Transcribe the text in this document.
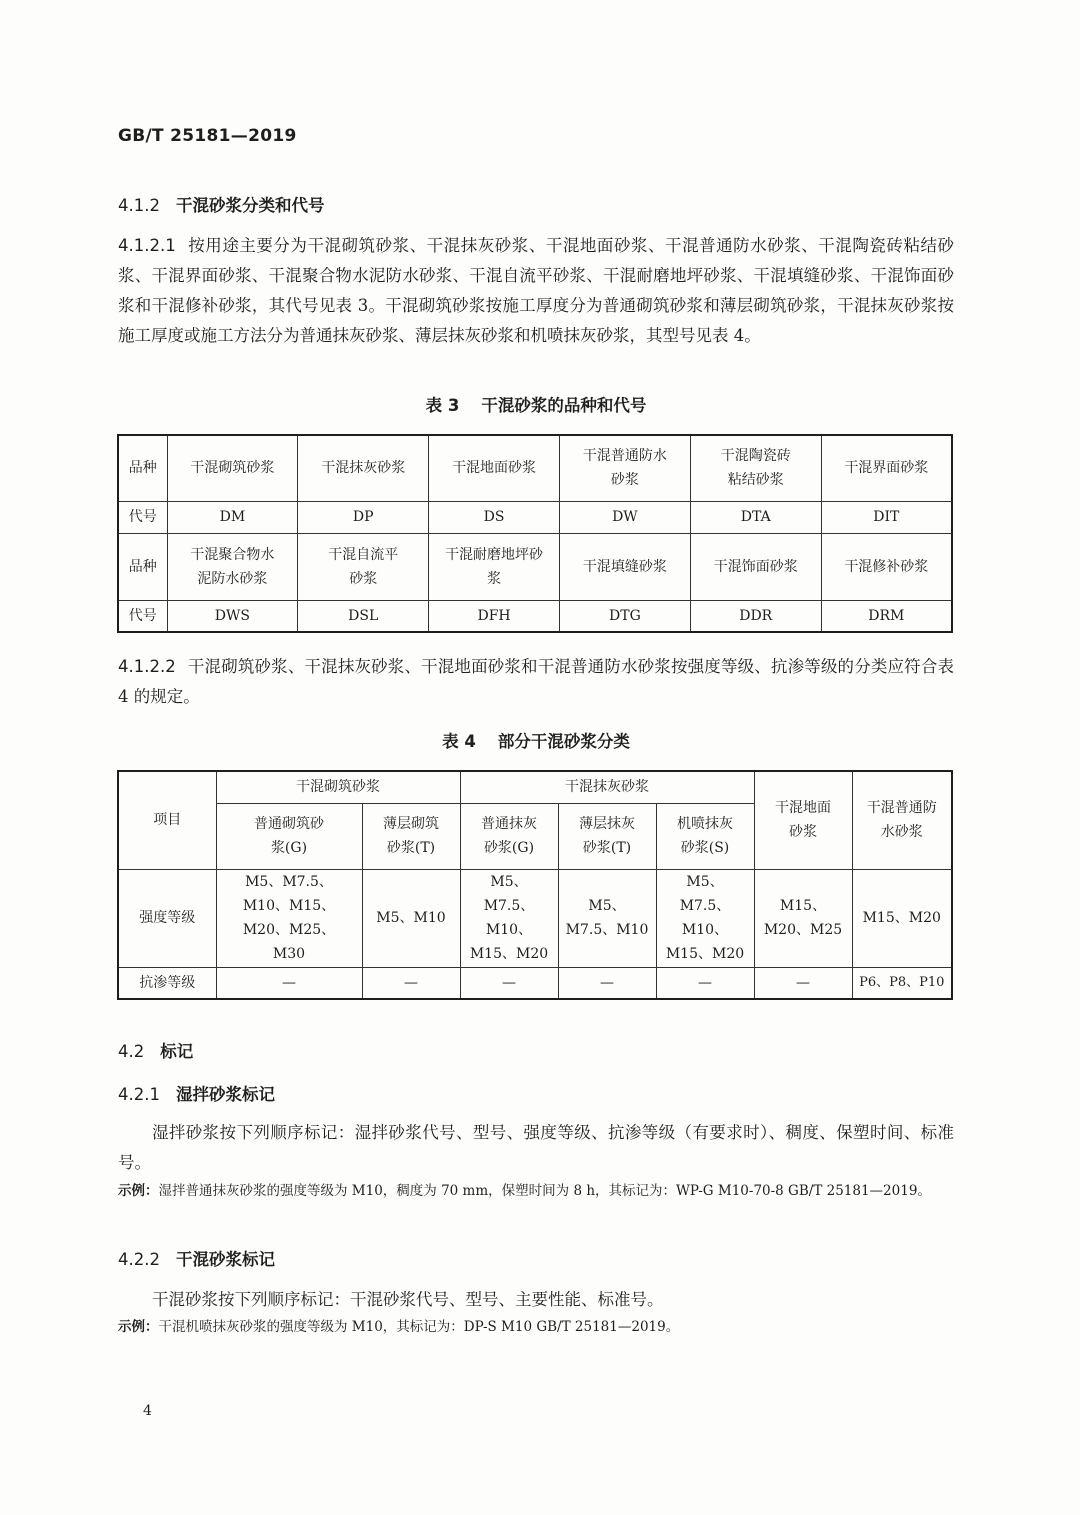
GB/T 25181—2019
4.1.2 干混砂浆分类和代号
4.1.2.1 按用途主要分为干混砌筑砂浆、干混抹灰砂浆、干混地面砂浆、干混普通防水砂浆、干混陶瓷砖粘结砂浆、干混界面砂浆、干混聚合物水泥防水砂浆、干混自流平砂浆、干混耐磨地坪砂浆、干混填缝砂浆、干混饰面砂浆和干混修补砂浆，其代号见表 3。干混砌筑砂浆按施工厚度分为普通砌筑砂浆和薄层砌筑砂浆，干混抹灰砂浆按施工厚度或施工方法分为普通抹灰砂浆、薄层抹灰砂浆和机喷抹灰砂浆，其型号见表 4。
表 3 干混砂浆的品种和代号
品种	干混砌筑砂浆	干混抹灰砂浆	干混地面砂浆	干混普通防水砂浆	干混陶瓷砖粘结砂浆	干混界面砂浆
代号	DM	DP	DS	DW	DTA	DIT
品种	干混聚合物水泥防水砂浆	干混自流平砂浆	干混耐磨地坪砂浆	干混填缝砂浆	干混饰面砂浆	干混修补砂浆
代号	DWS	DSL	DFH	DTG	DDR	DRM
4.1.2.2 干混砌筑砂浆、干混抹灰砂浆、干混地面砂浆和干混普通防水砂浆按强度等级、抗渗等级的分类应符合表 4 的规定。
表 4 部分干混砂浆分类
项目	干混砌筑砂浆		干混抹灰砂浆			干混地面砂浆	干混普通防水砂浆
	普通砌筑砂浆(G)	薄层砌筑砂浆(T)	普通抹灰砂浆(G)	薄层抹灰砂浆(T)	机喷抹灰砂浆(S)		
强度等级	M5、M7.5、M10、M15、M20、M25、M30	M5、M10	M5、M7.5、M10、M15、M20	M5、M7.5、M10	M5、M7.5、M10、M15、M20	M15、M20、M25	M15、M20
抗渗等级	—	—	—	—	—	—	P6、P8、P10
4.2 标记
4.2.1 湿拌砂浆标记
湿拌砂浆按下列顺序标记：湿拌砂浆代号、型号、强度等级、抗渗等级（有要求时）、稠度、保塑时间、标准号。
示例：湿拌普通抹灰砂浆的强度等级为 M10，稠度为 70 mm，保塑时间为 8 h，其标记为：WP-G M10-70-8 GB/T 25181—2019。
4.2.2 干混砂浆标记
干混砂浆按下列顺序标记：干混砂浆代号、型号、主要性能、标准号。
示例：干混机喷抹灰砂浆的强度等级为 M10，其标记为：DP-S M10 GB/T 25181—2019。
4
